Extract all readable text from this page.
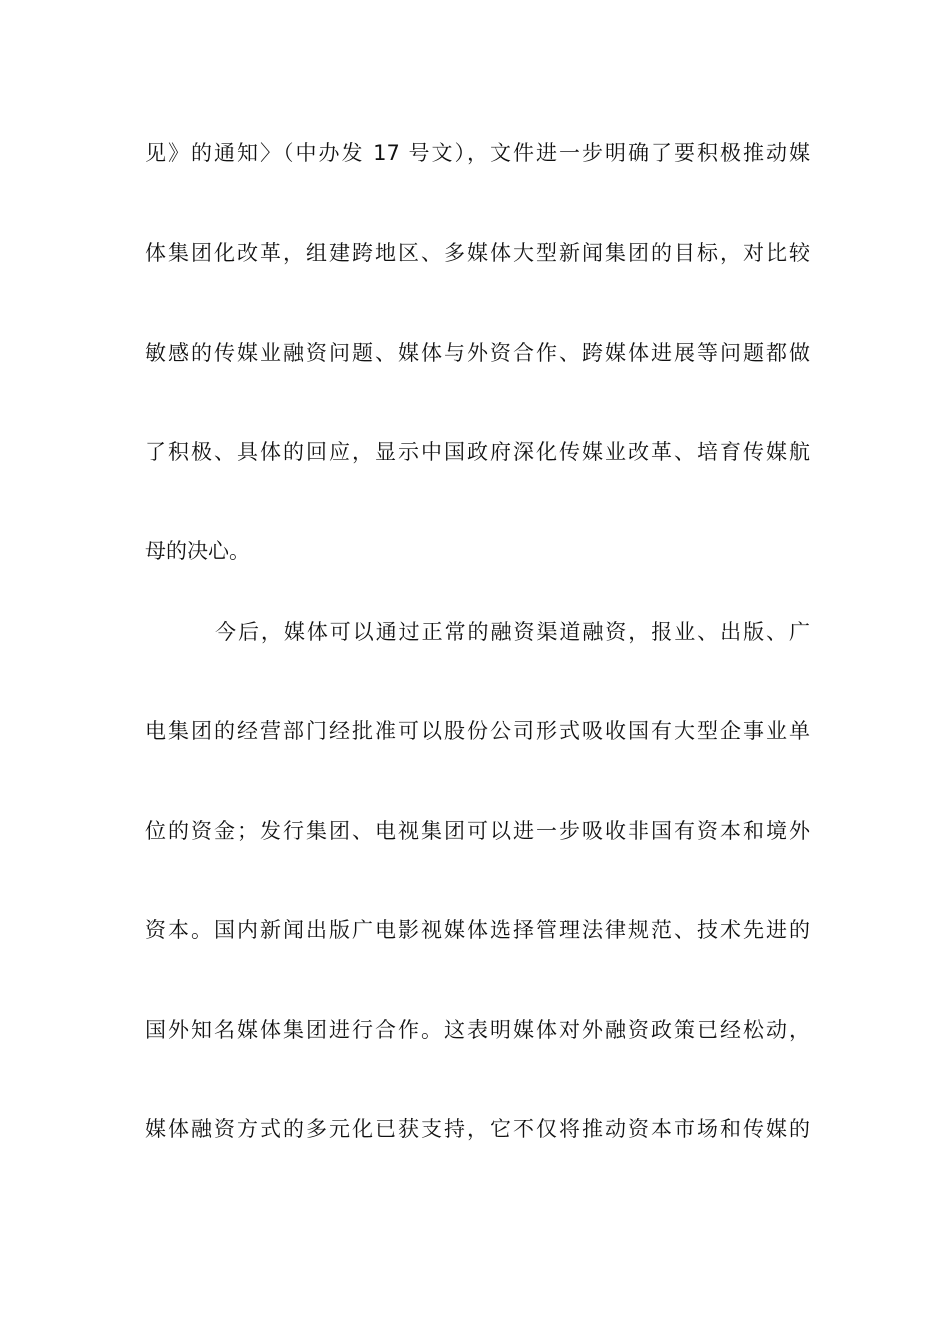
见》的通知〉（中办发 17 号文），文件进一步明确了要积极推动媒
体集团化改革，组建跨地区、多媒体大型新闻集团的目标，对比较
敏感的传媒业融资问题、媒体与外资合作、跨媒体进展等问题都做
了积极、具体的回应，显示中国政府深化传媒业改革、培育传媒航
母的决心。
今后，媒体可以通过正常的融资渠道融资，报业、出版、广
电集团的经营部门经批准可以股份公司形式吸收国有大型企事业单
位的资金；发行集团、电视集团可以进一步吸收非国有资本和境外
资本。国内新闻出版广电影视媒体选择管理法律规范、技术先进的
国外知名媒体集团进行合作。这表明媒体对外融资政策已经松动，
媒体融资方式的多元化已获支持，它不仅将推动资本市场和传媒的
